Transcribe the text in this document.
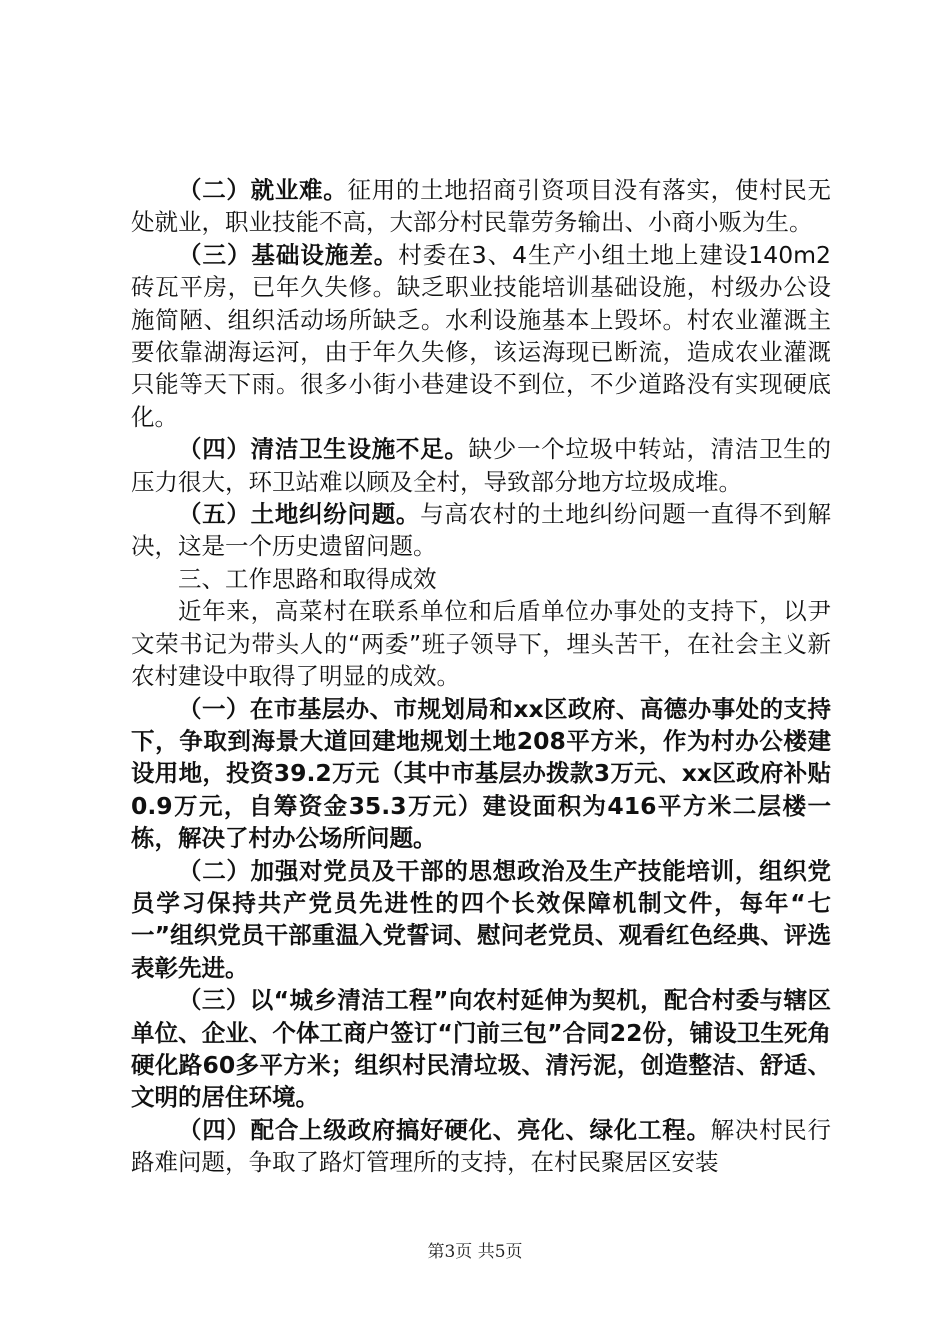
（二）就业难。征用的土地招商引资项目没有落实，使村民无处就业，职业技能不高，大部分村民靠劳务输出、小商小贩为生。

（三）基础设施差。村委在3、4生产小组土地上建设140m2砖瓦平房，已年久失修。缺乏职业技能培训基础设施，村级办公设施简陋、组织活动场所缺乏。水利设施基本上毁坏。村农业灌溉主要依靠湖海运河，由于年久失修，该运海现已断流，造成农业灌溉只能等天下雨。很多小街小巷建设不到位，不少道路没有实现硬底化。

（四）清洁卫生设施不足。缺少一个垃圾中转站，清洁卫生的压力很大，环卫站难以顾及全村，导致部分地方垃圾成堆。

（五）土地纠纷问题。与高农村的土地纠纷问题一直得不到解决，这是一个历史遗留问题。

三、工作思路和取得成效

近年来，高菜村在联系单位和后盾单位办事处的支持下，以尹文荣书记为带头人的“两委”班子领导下，埋头苦干，在社会主义新农村建设中取得了明显的成效。

（一）在市基层办、市规划局和xx区政府、高德办事处的支持下，争取到海景大道回建地规划土地208平方米，作为村办公楼建设用地，投资39.2万元（其中市基层办拨款3万元、xx区政府补贴0.9万元，自筹资金35.3万元）建设面积为416平方米二层楼一栋，解决了村办公场所问题。

（二）加强对党员及干部的思想政治及生产技能培训，组织党员学习保持共产党员先进性的四个长效保障机制文件，每年“七一”组织党员干部重温入党誓词、慰问老党员、观看红色经典、评选表彰先进。

（三）以“城乡清洁工程”向农村延伸为契机，配合村委与辖区单位、企业、个体工商户签订“门前三包”合同22份，铺设卫生死角硬化路60多平方米；组织村民清垃圾、清污泥，创造整洁、舒适、文明的居住环境。

（四）配合上级政府搞好硬化、亮化、绿化工程。解决村民行路难问题，争取了路灯管理所的支持，在村民聚居区安装

第3页 共5页
